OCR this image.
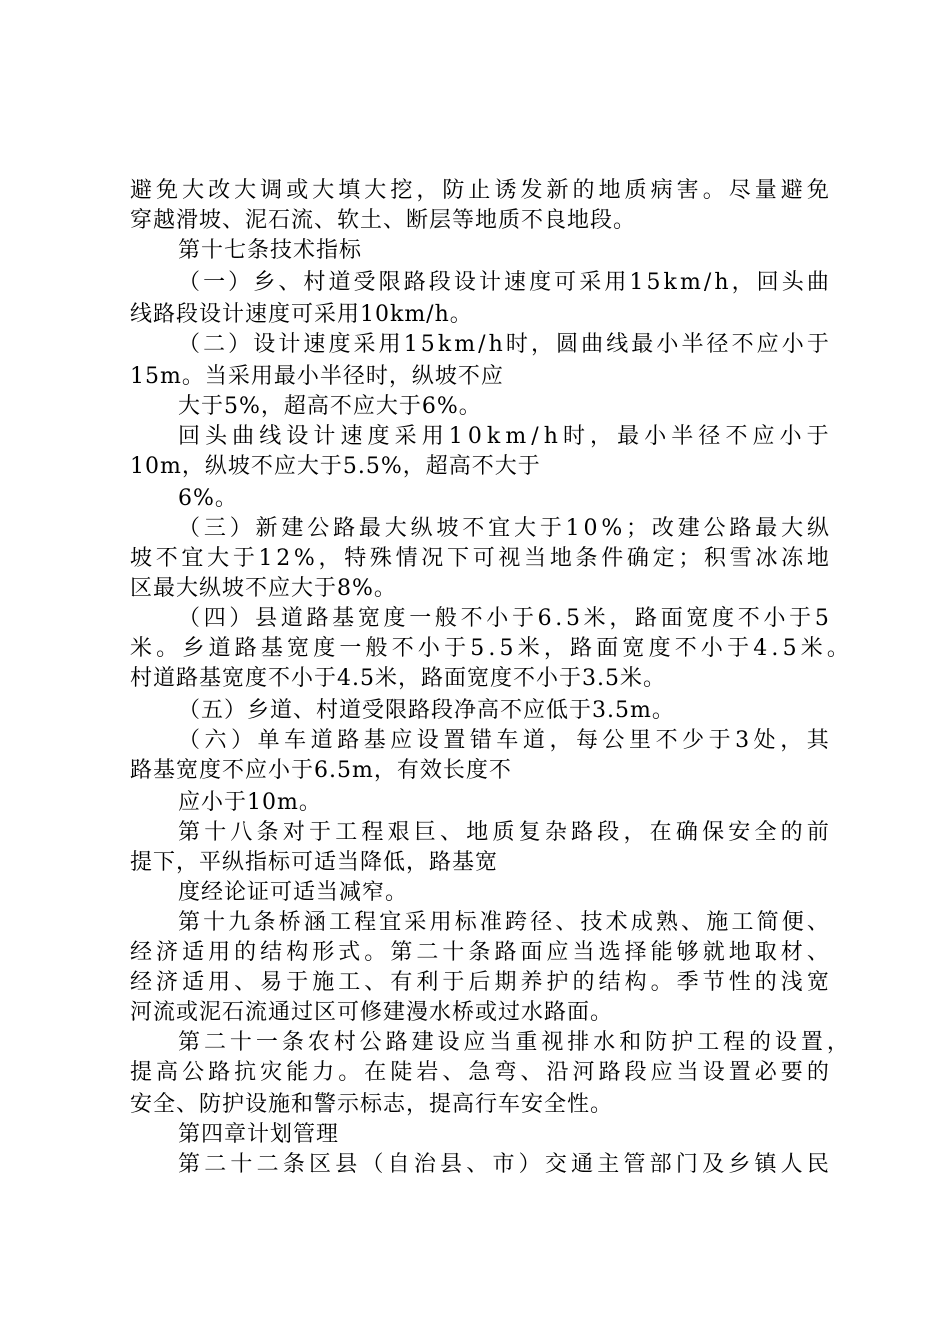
避 免 大 改 大 调 或 大 填 大 挖 ， 防 止 诱 发 新 的 地 质 病 害 。 尽 量 避 免
穿越滑坡、泥石流、软土、断层等地质不良地段。
第十七条技术指标
（ 一 ） 乡 、 村 道 受 限 路 段 设 计 速 度 可 采 用 1 5 k m / h ， 回 头 曲
线路段设计速度可采用10km/h。
（ 二 ） 设 计 速 度 采 用 1 5 k m / h 时 ， 圆 曲 线 最 小 半 径 不 应 小 于
15m。当采用最小半径时，纵坡不应
大于5%，超高不应大于6%。
回 头 曲 线 设 计 速 度 采 用 1 0 k m / h 时 ， 最 小 半 径 不 应 小 于
10m，纵坡不应大于5.5%，超高不大于
6%。
（ 三 ） 新 建 公 路 最 大 纵 坡 不 宜 大 于 1 0 % ； 改 建 公 路 最 大 纵
坡 不 宜 大 于 1 2 % ， 特 殊 情 况 下 可 视 当 地 条 件 确 定 ； 积 雪 冰 冻 地
区最大纵坡不应大于8%。
（ 四 ） 县 道 路 基 宽 度 一 般 不 小 于 6 . 5 米 ， 路 面 宽 度 不 小 于 5
米 。 乡 道 路 基 宽 度 一 般 不 小 于 5 . 5 米 ， 路 面 宽 度 不 小 于 4 . 5 米 。
村道路基宽度不小于4.5米，路面宽度不小于3.5米。
（五）乡道、村道受限路段净高不应低于3.5m。
（ 六 ） 单 车 道 路 基 应 设 置 错 车 道 ， 每 公 里 不 少 于 3 处 ， 其
路基宽度不应小于6.5m，有效长度不
应小于10m。
第 十 八 条 对 于 工 程 艰 巨 、 地 质 复 杂 路 段 ， 在 确 保 安 全 的 前
提下，平纵指标可适当降低，路基宽
度经论证可适当减窄。
第 十 九 条 桥 涵 工 程 宜 采 用 标 准 跨 径 、 技 术 成 熟 、 施 工 简 便 、
经 济 适 用 的 结 构 形 式 。 第 二 十 条 路 面 应 当 选 择 能 够 就 地 取 材 、
经 济 适 用 、 易 于 施 工 、 有 利 于 后 期 养 护 的 结 构 。 季 节 性 的 浅 宽
河流或泥石流通过区可修建漫水桥或过水路面。
第 二 十 一 条 农 村 公 路 建 设 应 当 重 视 排 水 和 防 护 工 程 的 设 置 ，
提 高 公 路 抗 灾 能 力 。 在 陡 岩 、 急 弯 、 沿 河 路 段 应 当 设 置 必 要 的
安全、防护设施和警示标志，提高行车安全性。
第四章计划管理
第 二 十 二 条 区 县 （ 自 治 县 、 市 ） 交 通 主 管 部 门 及 乡 镇 人 民
